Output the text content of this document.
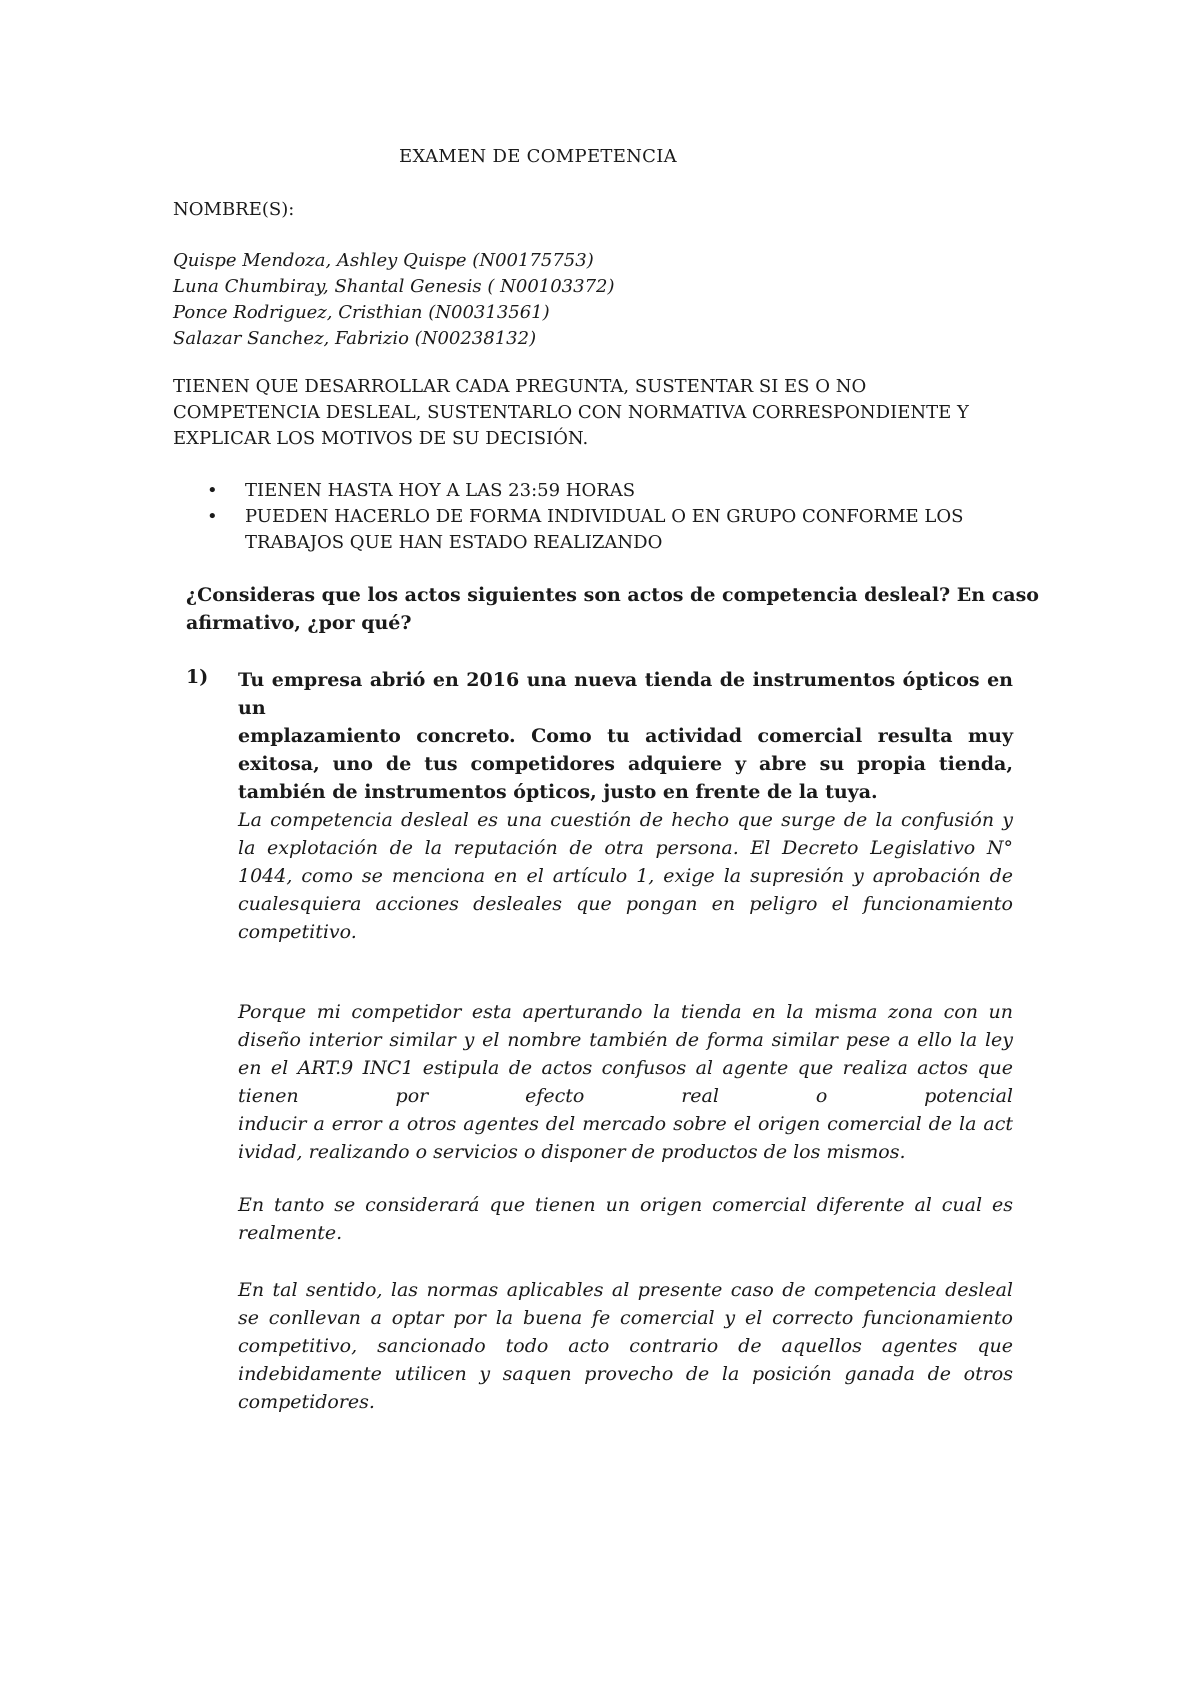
EXAMEN DE COMPETENCIA
NOMBRE(S):
Quispe Mendoza, Ashley Quispe (N00175753)
Luna Chumbiray, Shantal Genesis ( N00103372)
Ponce Rodriguez, Cristhian (N00313561)
Salazar Sanchez, Fabrizio (N00238132)
TIENEN QUE DESARROLLAR CADA PREGUNTA, SUSTENTAR SI ES O NO
COMPETENCIA DESLEAL, SUSTENTARLO CON NORMATIVA CORRESPONDIENTE Y
EXPLICAR LOS MOTIVOS DE SU DECISIÓN.
• TIENEN HASTA HOY A LAS 23:59 HORAS
• PUEDEN HACERLO DE FORMA INDIVIDUAL O EN GRUPO CONFORME LOS
TRABAJOS QUE HAN ESTADO REALIZANDO
¿Consideras que los actos siguientes son actos de competencia desleal? En caso
afirmativo, ¿por qué?
1) Tu empresa abrió en 2016 una nueva tienda de instrumentos ópticos en un
emplazamiento concreto. Como tu actividad comercial resulta muy
exitosa, uno de tus competidores adquiere y abre su propia tienda,
también de instrumentos ópticos, justo en frente de la tuya.
La competencia desleal es una cuestión de hecho que surge de la confusión y
la explotación de la reputación de otra persona. El Decreto Legislativo N°
1044, como se menciona en el artículo 1, exige la supresión y aprobación de
cualesquiera acciones desleales que pongan en peligro el funcionamiento
competitivo.
Porque mi competidor esta aperturando la tienda en la misma zona con un
diseño interior similar y el nombre también de forma similar pese a ello la ley
en el ART.9 INC1 estipula de actos confusos al agente que realiza actos que
tienen por efecto real o potencial
inducir a error a otros agentes del mercado sobre el origen comercial de la act
ividad, realizando o servicios o disponer de productos de los mismos.
En tanto se considerará que tienen un origen comercial diferente al cual es
realmente.
En tal sentido, las normas aplicables al presente caso de competencia desleal
se conllevan a optar por la buena fe comercial y el correcto funcionamiento
competitivo, sancionado todo acto contrario de aquellos agentes que
indebidamente utilicen y saquen provecho de la posición ganada de otros
competidores.
